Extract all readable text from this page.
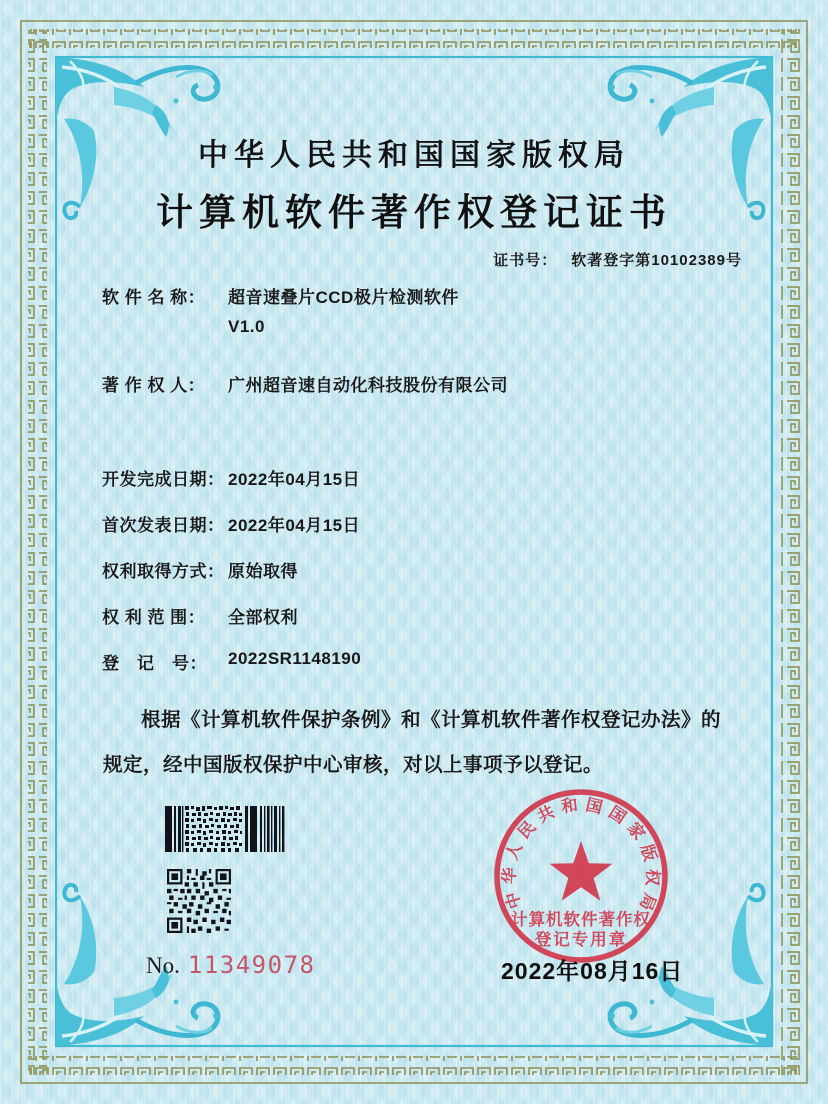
中华人民共和国国家版权局
计算机软件著作权登记证书
证书号： 软著登字第10102389号
软 件 名 称： 超音速叠片CCD极片检测软件
V1.0
著 作 权 人： 广州超音速自动化科技股份有限公司
开发完成日期： 2022年04月15日
首次发表日期： 2022年04月15日
权利取得方式： 原始取得
权 利 范 围： 全部权利
登　记　号： 2022SR1148190
根据《计算机软件保护条例》和《计算机软件著作权登记办法》的
规定，经中国版权保护中心审核，对以上事项予以登记。
No. 11349078
中华人民共和国国家版权局
计算机软件著作权
登记专用章
2022年08月16日
